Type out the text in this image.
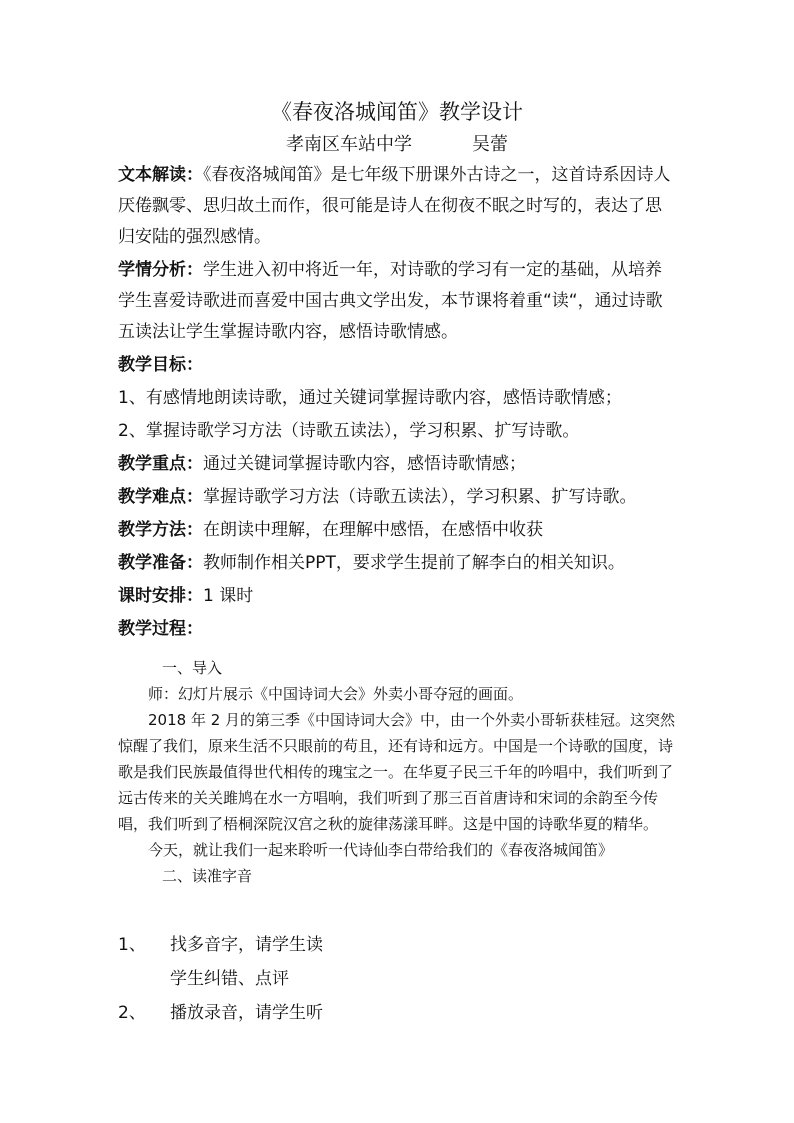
《春夜洛城闻笛》教学设计
孝南区车站中学	吴蕾

文本解读：《春夜洛城闻笛》是七年级下册课外古诗之一，这首诗系因诗人厌倦飘零、思归故土而作，很可能是诗人在彻夜不眠之时写的，表达了思归安陆的强烈感情。

学情分析：学生进入初中将近一年，对诗歌的学习有一定的基础，从培养学生喜爱诗歌进而喜爱中国古典文学出发，本节课将着重“读“，通过诗歌五读法让学生掌握诗歌内容，感悟诗歌情感。

教学目标：

1、有感情地朗读诗歌，通过关键词掌握诗歌内容，感悟诗歌情感；

2、掌握诗歌学习方法（诗歌五读法），学习积累、扩写诗歌。

教学重点：通过关键词掌握诗歌内容，感悟诗歌情感；

教学难点：掌握诗歌学习方法（诗歌五读法），学习积累、扩写诗歌。

教学方法：在朗读中理解，在理解中感悟，在感悟中收获

教学准备：教师制作相关PPT，要求学生提前了解李白的相关知识。

课时安排：1 课时

教学过程：

一、导入

师：幻灯片展示《中国诗词大会》外卖小哥夺冠的画面。

2018 年 2 月的第三季《中国诗词大会》中，由一个外卖小哥斩获桂冠。这突然惊醒了我们，原来生活不只眼前的苟且，还有诗和远方。中国是一个诗歌的国度，诗歌是我们民族最值得世代相传的瑰宝之一。在华夏子民三千年的吟唱中，我们听到了远古传来的关关雎鸠在水一方唱响，我们听到了那三百首唐诗和宋词的余韵至今传唱，我们听到了梧桐深院汉宫之秋的旋律荡漾耳畔。这是中国的诗歌华夏的精华。

今天，就让我们一起来聆听一代诗仙李白带给我们的《春夜洛城闻笛》

二、读准字音

1、 找多音字，请学生读
学生纠错、点评
2、 播放录音，请学生听
